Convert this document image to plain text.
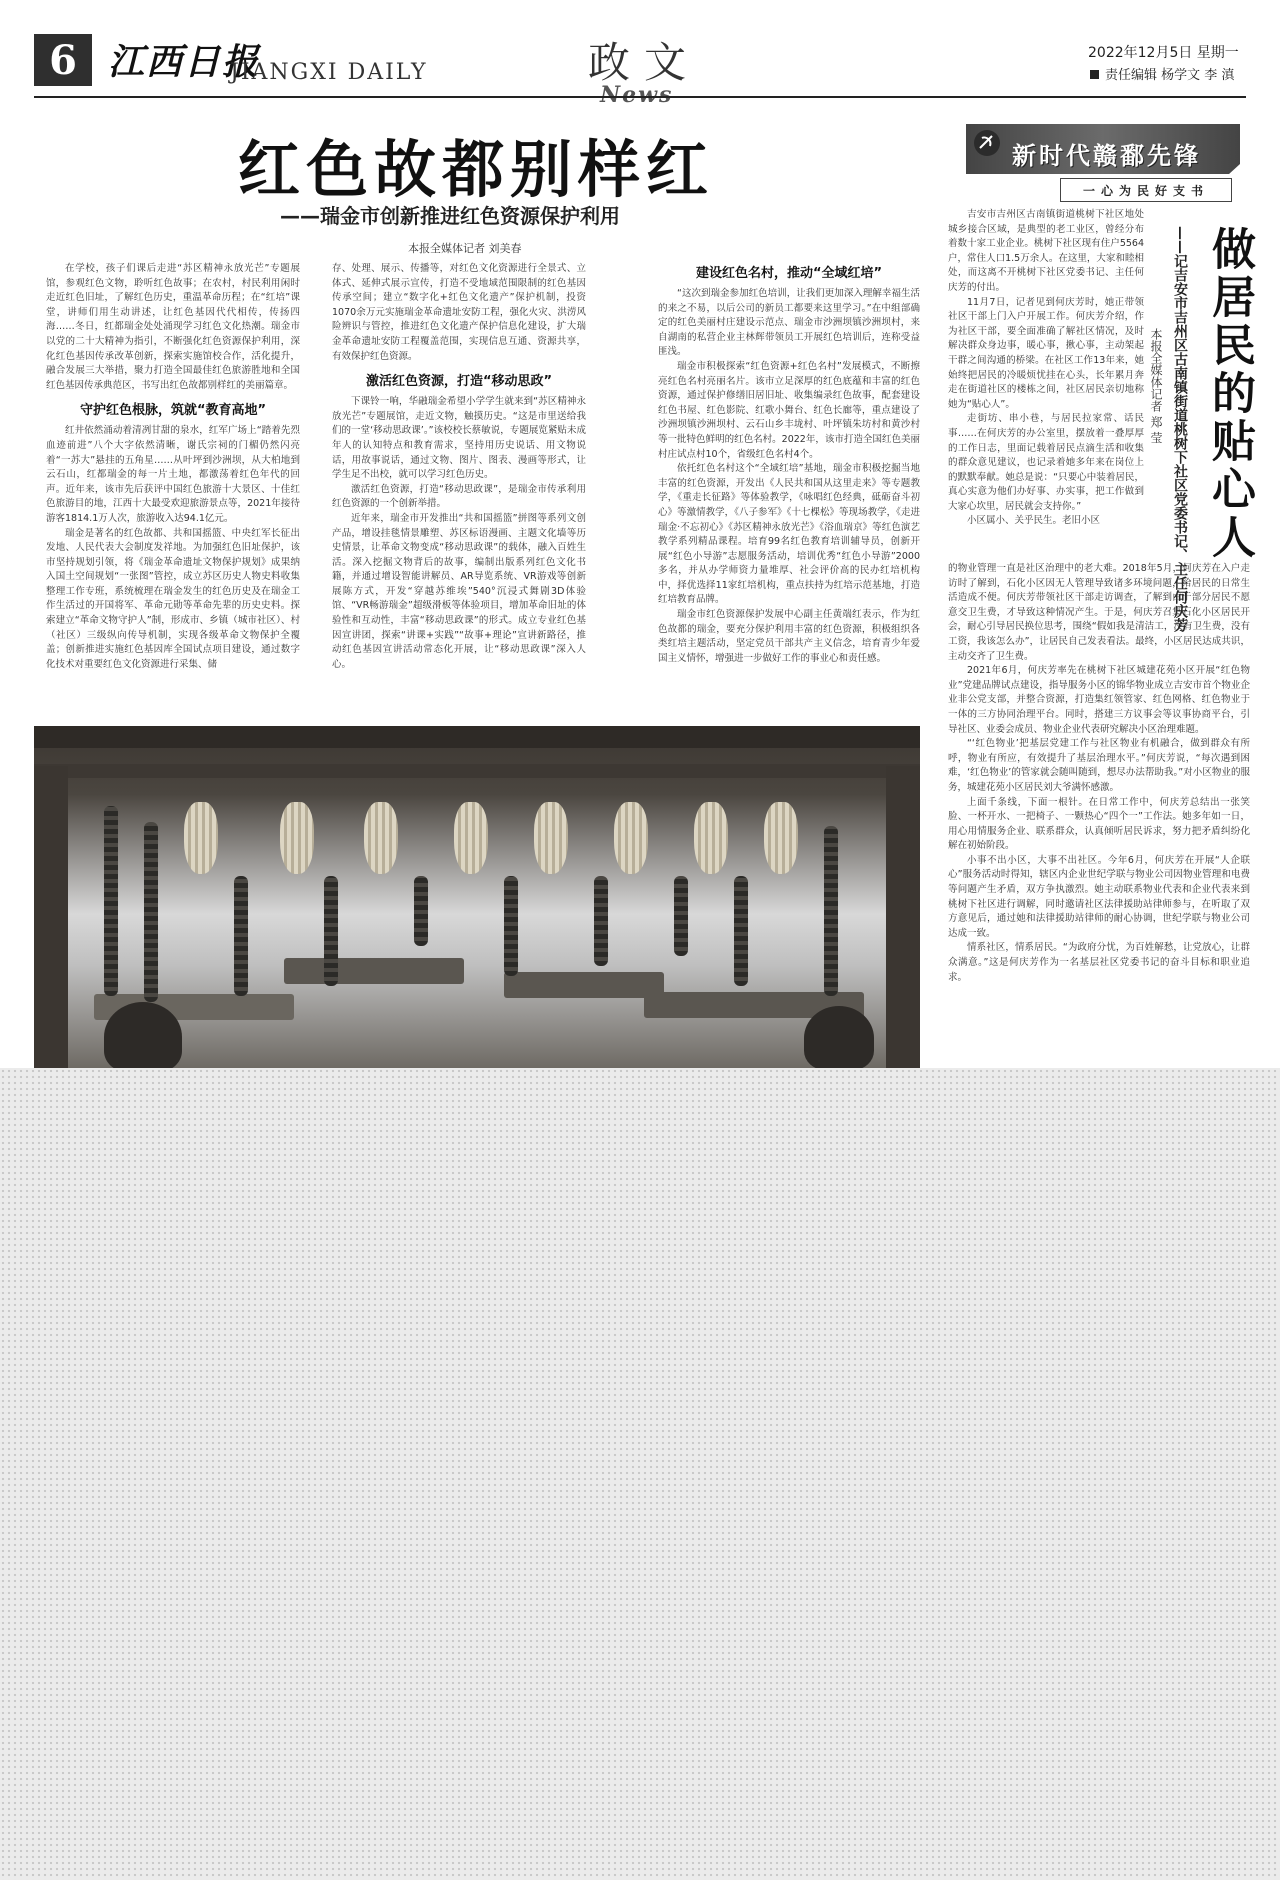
6 江西日报
JIANGXI DAILY	政文
News
2022年12月5日 星期一
责任编辑 杨学文 李 滇
红色故都别样红
——瑞金市创新推进红色资源保护利用
本报全媒体记者 刘美春

在学校，孩子们课后走进“苏区精神永放光芒”专题展馆，参观红色文物，聆听红色故事；在农村，村民利用闲时走近红色旧址，了解红色历史，重温革命历程；在“红培”课堂，讲师们用生动讲述，让红色基因代代相传，传扬四海……冬日，红都瑞金处处涌现学习红色文化热潮。瑞金市以党的二十大精神为指引，不断强化红色资源保护利用，深化红色基因传承改革创新，探索实施馆校合作，活化提升，融合发展三大举措，聚力打造全国最佳红色旅游胜地和全国红色基因传承典范区，书写出红色故都别样红的美丽篇章。

守护红色根脉，筑就“教育高地”

红井依然涌动着清冽甘甜的泉水，红军广场上“踏着先烈血迹前进”八个大字依然清晰，谢氏宗祠的门楣仍然闪亮着“一苏大”悬挂的五角星……从叶坪到沙洲坝，从大柏地到云石山，红都瑞金的每一片土地，都激荡着红色年代的回声。近年来，该市先后获评中国红色旅游十大景区、十佳红色旅游目的地，江西十大最受欢迎旅游景点等，2021年接待游客1814.1万人次，旅游收入达94.1亿元。

瑞金是著名的红色故都、共和国摇篮、中央红军长征出发地、人民代表大会制度发祥地。为加强红色旧址保护，该市坚持规划引领，将《瑞金革命遗址文物保护规划》成果纳入国土空间规划“一张图”管控，成立苏区历史人物史料收集整理工作专班，系统梳理在瑞金发生的红色历史及在瑞金工作生活过的开国将军、革命元勋等革命先辈的历史史料。探索建立“革命文物守护人”制，形成市、乡镇（城市社区）、村（社区）三级纵向传导机制，实现各级革命文物保护全覆盖；创新推进实施红色基因库全国试点项目建设，通过数字化技术对重要红色文化资源进行采集、储

存、处理、展示、传播等，对红色文化资源进行全景式、立体式、延伸式展示宣传，打造不受地域范围限制的红色基因传承空间；建立“数字化+红色文化遗产”保护机制，投资1070余万元实施瑞金革命遗址安防工程，强化火灾、洪涝风险辨识与管控，推进红色文化遗产保护信息化建设，扩大瑞金革命遗址安防工程覆盖范围，实现信息互通、资源共享，有效保护红色资源。

激活红色资源，打造“移动思政”

下课铃一响，华融瑞金希望小学学生就来到“苏区精神永放光芒”专题展馆，走近文物，触摸历史。“这是市里送给我们的一堂‘移动思政课’。”该校校长蔡敏说，专题展览紧贴未成年人的认知特点和教育需求，坚持用历史说话、用文物说话，用故事说话，通过文物、图片、图表、漫画等形式，让学生足不出校，就可以学习红色历史。

激活红色资源，打造“移动思政课”，是瑞金市传承利用红色资源的一个创新举措。

近年来，瑞金市开发推出“共和国摇篮”拼图等系列文创产品，增设挂毯情景雕塑、苏区标语漫画、主题文化墙等历史情景，让革命文物变成“移动思政课”的载体，融入百姓生活。深入挖掘文物背后的故事，编制出版系列红色文化书籍，并通过增设智能讲解员、AR导览系统、VR游戏等创新展陈方式，开发“穿越苏维埃”540°沉浸式舞剧3D体验馆、“VR畅游瑞金”超级滑板等体验项目，增加革命旧址的体验性和互动性，丰富“移动思政课”的形式。成立专业红色基因宣讲团，探索“讲课+实践”“故事+理论”宣讲新路径，推动红色基因宣讲活动常态化开展，让“移动思政课”深入人心。

建设红色名村，推动“全域红培”

“这次到瑞金参加红色培训，让我们更加深入理解幸福生活的来之不易，以后公司的新员工都要来这里学习。”在中组部确定的红色美丽村庄建设示范点、瑞金市沙洲坝镇沙洲坝村，来自湖南的私营企业主林辉带领员工开展红色培训后，连称受益匪浅。

瑞金市积极探索“红色资源+红色名村”发展模式，不断擦亮红色名村亮丽名片。该市立足深厚的红色底蕴和丰富的红色资源，通过保护修缮旧居旧址、收集编录红色故事，配套建设红色书屋、红色影院、红歌小舞台、红色长廊等，重点建设了沙洲坝镇沙洲坝村、云石山乡丰垅村、叶坪镇朱坊村和黄沙村等一批特色鲜明的红色名村。2022年，该市打造全国红色美丽村庄试点村10个，省级红色名村4个。

依托红色名村这个“全域红培”基地，瑞金市积极挖掘当地丰富的红色资源，开发出《人民共和国从这里走来》等专题教学，《重走长征路》等体验教学，《咏唱红色经典，砥砺奋斗初心》等激情教学，《八子参军》《十七棵松》等现场教学，《走进瑞金·不忘初心》《苏区精神永放光芒》《浴血瑞京》等红色演艺教学系列精品课程。培育99名红色教育培训辅导员，创新开展“红色小导游”志愿服务活动，培训优秀“红色小导游”2000多名，并从办学师资力量堆厚、社会评价高的民办红培机构中，择优选择11家红培机构，重点扶持为红培示范基地，打造红培教育品牌。

瑞金市红色资源保护发展中心副主任黄端红表示，作为红色故都的瑞金，要充分保护利用丰富的红色资源，积极组织各类红培主题活动，坚定党员干部共产主义信念，培育青少年爱国主义情怀，增强进一步做好工作的事业心和责任感。

新时代赣鄱先锋
一心为民好支书
做居民的贴心人
——记吉安市吉州区古南镇街道桃树下社区党委书记、主任何庆芳
本报全媒体记者 郑 莹

吉安市吉州区古南镇街道桃树下社区地处城乡接合区域，是典型的老工业区，曾经分布着数十家工业企业。桃树下社区现有住户5564户，常住人口1.5万余人。在这里，大家和睦相处，而这离不开桃树下社区党委书记、主任何庆芳的付出。

11月7日，记者见到何庆芳时，她正带领社区干部上门入户开展工作。何庆芳介绍，作为社区干部，要全面准确了解社区情况，及时解决群众身边事，暖心事，揪心事，主动架起干群之间沟通的桥梁。在社区工作13年来，她始终把居民的冷暖烦忧挂在心头，长年累月奔走在街道社区的楼栋之间，社区居民亲切地称她为“贴心人”。

走街坊、串小巷，与居民拉家常、话民事……在何庆芳的办公室里，摆放着一叠厚厚的工作日志，里面记载着居民点滴生活和收集的群众意见建议，也记录着她多年来在岗位上的默默奉献。她总是说：“只要心中装着居民，真心实意为他们办好事、办实事，把工作做到大家心坎里，居民就会支持你。”

小区属小、关乎民生。老旧小区

的物业管理一直是社区治理中的老大难。2018年5月，何庆芳在入户走访时了解到，石化小区因无人管理导致诸多环境问题，给居民的日常生活造成不便。何庆芳带领社区干部走访调查，了解到由于部分居民不愿意交卫生费，才导致这种情况产生。于是，何庆芳召集石化小区居民开会，耐心引导居民换位思考，围绕“假如我是清洁工，没有卫生费，没有工资，我该怎么办”，让居民自己发表看法。最终，小区居民达成共识，主动交齐了卫生费。

2021年6月，何庆芳率先在桃树下社区城建花苑小区开展“红色物业”党建品牌试点建设，指导服务小区的锦华物业成立吉安市首个物业企业非公党支部，并整合资源，打造集红领管家、红色网格、红色物业于一体的三方协同治理平台。同时，搭建三方议事会等议事协商平台，引导社区、业委会成员、物业企业代表研究解决小区治理难题。

“‘红色物业’把基层党建工作与社区物业有机融合，做到群众有所呼，物业有所应，有效提升了基层治理水平。”何庆芳说，“每次遇到困难，‘红色物业’的管家就会随叫随到，想尽办法帮助我。”对小区物业的服务，城建花苑小区居民刘大爷满怀感激。

上面千条线，下面一根针。在日常工作中，何庆芳总结出一张笑脸、一杯开水、一把椅子、一颗热心“四个一”工作法。她多年如一日，用心用情服务企业、联系群众，认真倾听居民诉求，努力把矛盾纠纷化解在初始阶段。

小事不出小区，大事不出社区。今年6月，何庆芳在开展“人企联心”服务活动时得知，辖区内企业世纪学联与物业公司因物业管理和电费等问题产生矛盾，双方争执激烈。她主动联系物业代表和企业代表来到桃树下社区进行调解，同时邀请社区法律援助站律师参与，在听取了双方意见后，通过她和法律援助站律师的耐心协调，世纪学联与物业公司达成一致。

情系社区，情系居民。“为政府分忧，为百姓解愁，让党放心，让群众满意。”这是何庆芳作为一名基层社区党委书记的奋斗目标和职业追求。
